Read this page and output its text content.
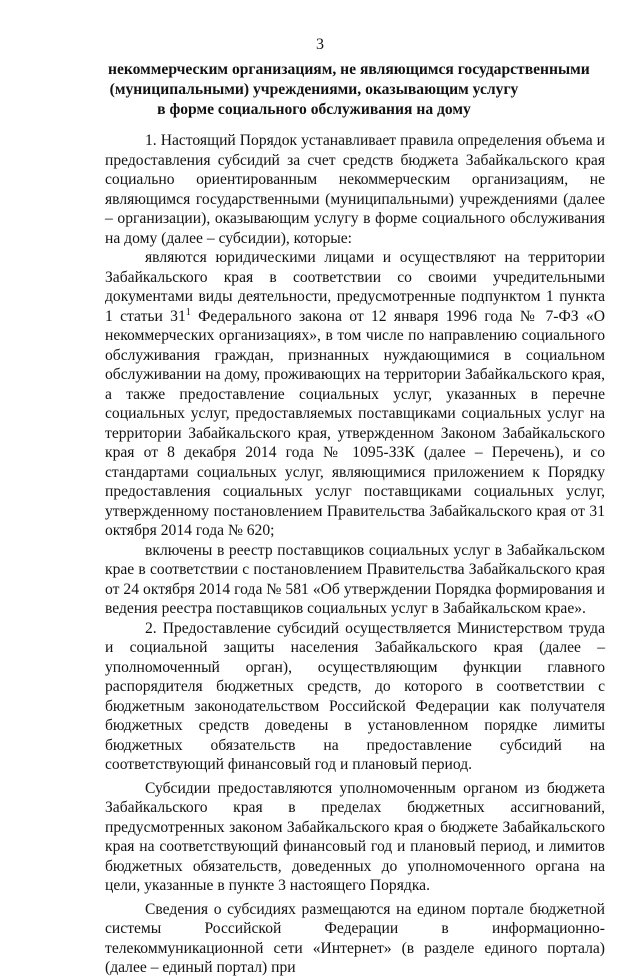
3
некоммерческим организациям, не являющимся государственными
(муниципальными) учреждениями, оказывающим услугу
в форме социального обслуживания на дому

1. Настоящий Порядок устанавливает правила определения объема и предоставления субсидий за счет средств бюджета Забайкальского края социально ориентированным некоммерческим организациям, не являющимся государственными (муниципальными) учреждениями (далее – организации), оказывающим услугу в форме социального обслуживания на дому (далее – субсидии), которые:

являются юридическими лицами и осуществляют на территории Забайкальского края в соответствии со своими учредительными документами виды деятельности, предусмотренные подпунктом 1 пункта 1 статьи $31^1$ Федерального закона от 12 января 1996 года № 7-ФЗ «О некоммерческих организациях», в том числе по направлению социального обслуживания граждан, признанных нуждающимися в социальном обслуживании на дому, проживающих на территории Забайкальского края, а также предоставление социальных услуг, указанных в перечне социальных услуг, предоставляемых поставщиками социальных услуг на территории Забайкальского края, утвержденном Законом Забайкальского края от 8 декабря 2014 года № 1095-ЗЗК (далее – Перечень), и со стандартами социальных услуг, являющимися приложением к Порядку предоставления социальных услуг поставщиками социальных услуг, утвержденному постановлением Правительства Забайкальского края от 31 октября 2014 года № 620;

включены в реестр поставщиков социальных услуг в Забайкальском крае в соответствии с постановлением Правительства Забайкальского края от 24 октября 2014 года № 581 «Об утверждении Порядка формирования и ведения реестра поставщиков социальных услуг в Забайкальском крае».

2. Предоставление субсидий осуществляется Министерством труда и социальной защиты населения Забайкальского края (далее – уполномоченный орган), осуществляющим функции главного распорядителя бюджетных средств, до которого в соответствии с бюджетным законодательством Российской Федерации как получателя бюджетных средств доведены в установленном порядке лимиты бюджетных обязательств на предоставление субсидий на соответствующий финансовый год и плановый период.

Субсидии предоставляются уполномоченным органом из бюджета Забайкальского края в пределах бюджетных ассигнований, предусмотренных законом Забайкальского края о бюджете Забайкальского края на соответствующий финансовый год и плановый период, и лимитов бюджетных обязательств, доведенных до уполномоченного органа на цели, указанные в пункте 3 настоящего Порядка.

Сведения о субсидиях размещаются на едином портале бюджетной системы Российской Федерации в информационно-телекоммуникационной сети «Интернет» (в разделе единого портала) (далее – единый портал) при
